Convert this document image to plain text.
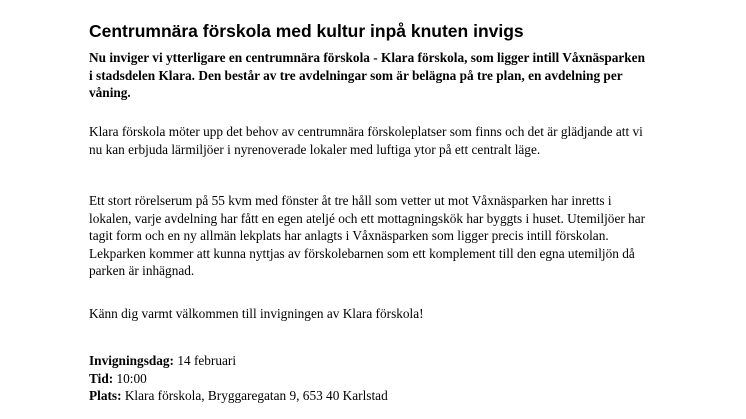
Centrumnära förskola med kultur inpå knuten invigs

Nu inviger vi ytterligare en centrumnära förskola - Klara förskola, som ligger intill Våxnäsparken i stadsdelen Klara. Den består av tre avdelningar som är belägna på tre plan, en avdelning per våning.

Klara förskola möter upp det behov av centrumnära förskoleplatser som finns och det är glädjande att vi nu kan erbjuda lärmiljöer i nyrenoverade lokaler med luftiga ytor på ett centralt läge.

Ett stort rörelserum på 55 kvm med fönster åt tre håll som vetter ut mot Våxnäsparken har inretts i lokalen, varje avdelning har fått en egen ateljé och ett mottagningskök har byggts i huset. Utemiljöer har tagit form och en ny allmän lekplats har anlagts i Våxnäsparken som ligger precis intill förskolan. Lekparken kommer att kunna nyttjas av förskolebarnen som ett komplement till den egna utemiljön då parken är inhägnad.

Känn dig varmt välkommen till invigningen av Klara förskola!

Invigningsdag: 14 februari
Tid: 10:00
Plats: Klara förskola, Bryggaregatan 9, 653 40 Karlstad
